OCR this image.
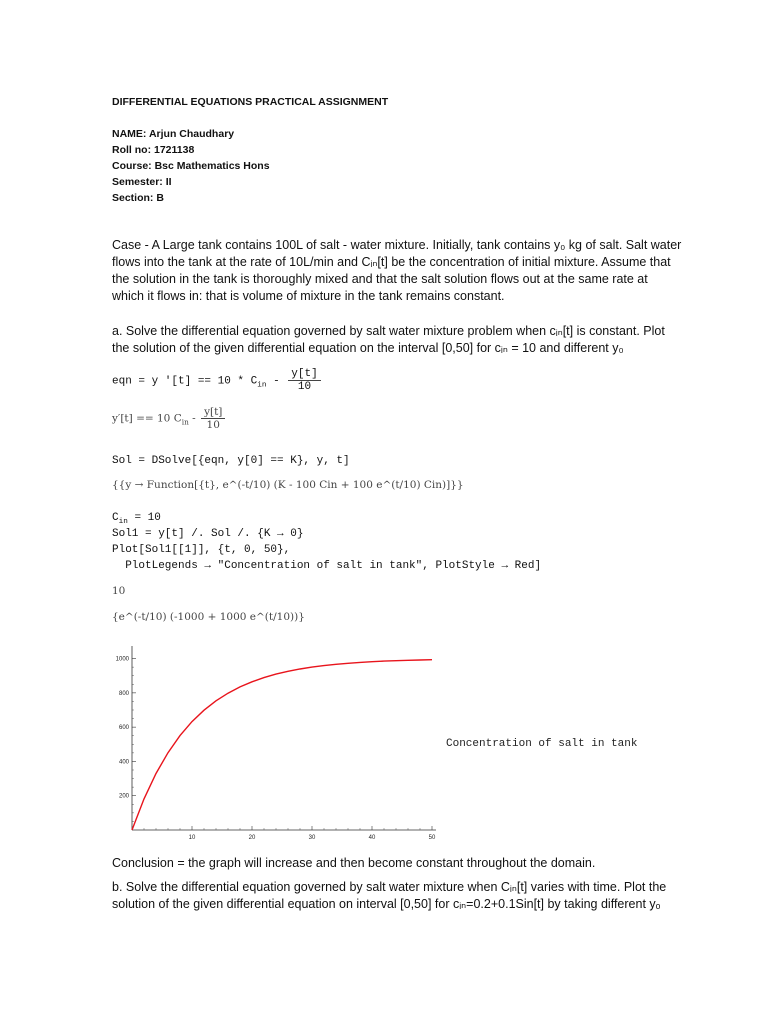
DIFFERENTIAL EQUATIONS PRACTICAL ASSIGNMENT
NAME: Arjun Chaudhary
Roll no: 1721138
Course: Bsc Mathematics Hons
Semester: II
Section: B
Case - A Large tank contains 100L of salt - water mixture. Initially, tank contains y₀ kg of salt. Salt water
flows into the tank at the rate of 10L/min and Cᵢₙ[t] be the concentration of initial mixture. Assume that
the solution in the tank is thoroughly mixed and that the salt solution flows out at the same rate at
which it flows in: that is volume of mixture in the tank remains constant.
a. Solve the differential equation governed by salt water mixture problem when cᵢₙ[t] is constant. Plot
the solution of the given differential equation on the interval [0,50] for cᵢₙ = 10 and different y₀
eqn = y '$[t] == 10 * C_{in} - \frac{y[t]}{10}$
y′[t] == 10 $C_{in} - \frac{y[t]}{10}$
Sol = DSolve[{eqn, y[0] == K}, y, t]
{{y → Function[{t}, e^(-t/10) (K - 100 Cin + 100 e^(t/10) Cin)]}}
$C_{in} = 10$
Sol1 = y[t] /. Sol /. {K → 0}
Plot[Sol1[[1]], {t, 0, 50},
PlotLegends → "Concentration of salt in tank", PlotStyle → Red]
10
{e^(-t/10) (-1000 + 1000 e^(t/10))}
10	20	30	40	50
200
400
600
800
1000
Concentration of salt in tank
Conclusion = the graph will increase and then become constant throughout the domain.
b. Solve the differential equation governed by salt water mixture when Cᵢₙ[t] varies with time. Plot the
solution of the given differential equation on interval [0,50] for cᵢₙ=0.2+0.1Sin[t] by taking different yₒ
